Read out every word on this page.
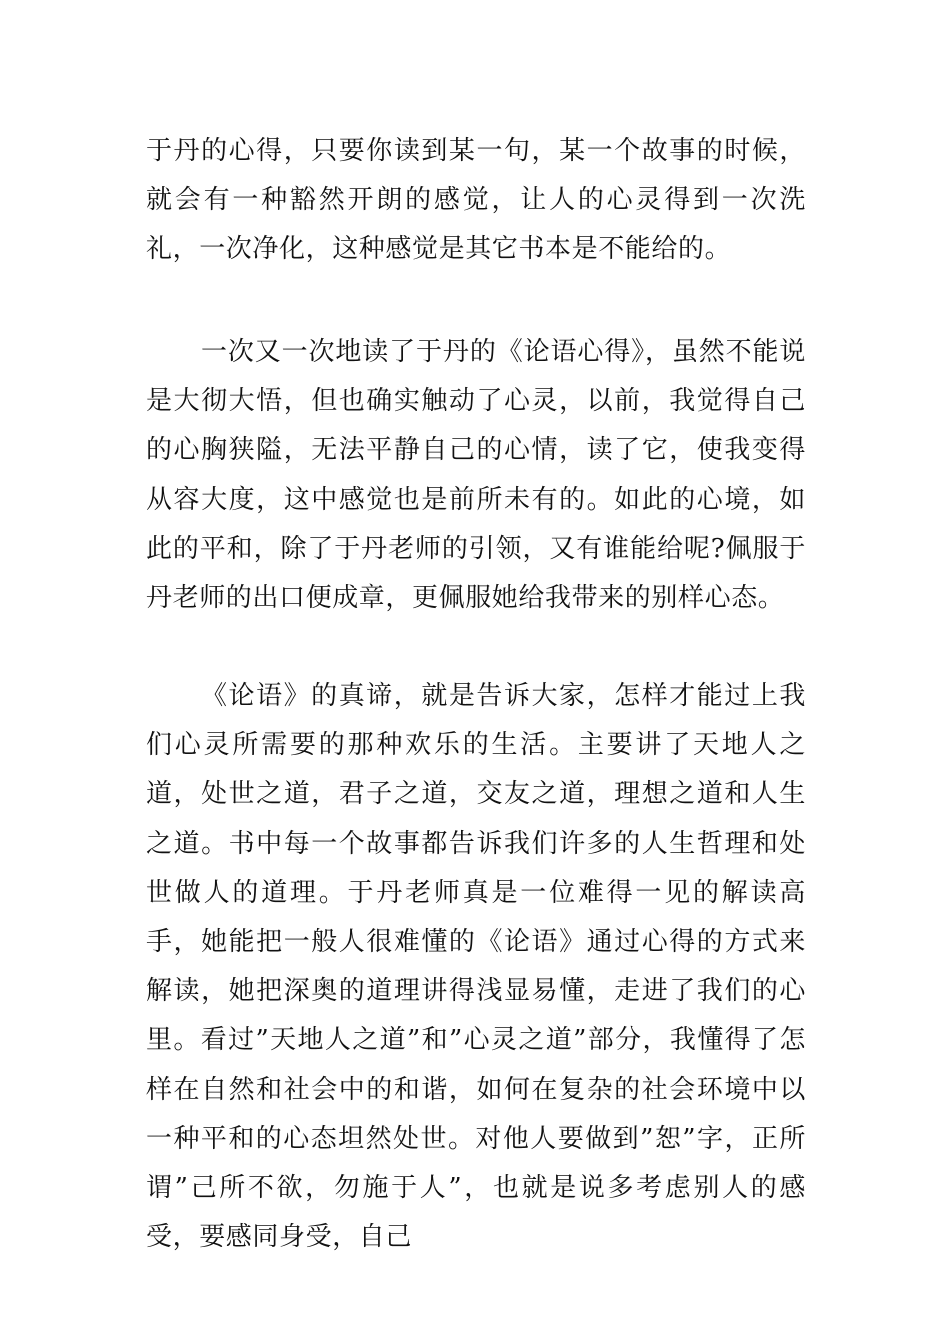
于丹的心得，只要你读到某一句，某一个故事的时候，就会有一种豁然开朗的感觉，让人的心灵得到一次洗礼，一次净化，这种感觉是其它书本是不能给的。

一次又一次地读了于丹的《论语心得》，虽然不能说是大彻大悟，但也确实触动了心灵，以前，我觉得自己的心胸狭隘，无法平静自己的心情，读了它，使我变得从容大度，这中感觉也是前所未有的。如此的心境，如此的平和，除了于丹老师的引领，又有谁能给呢?佩服于丹老师的出口便成章，更佩服她给我带来的别样心态。

《论语》的真谛，就是告诉大家，怎样才能过上我们心灵所需要的那种欢乐的生活。主要讲了天地人之道，处世之道，君子之道，交友之道，理想之道和人生之道。书中每一个故事都告诉我们许多的人生哲理和处世做人的道理。于丹老师真是一位难得一见的解读高手，她能把一般人很难懂的《论语》通过心得的方式来解读，她把深奥的道理讲得浅显易懂，走进了我们的心里。看过”天地人之道”和”心灵之道”部分，我懂得了怎样在自然和社会中的和谐，如何在复杂的社会环境中以一种平和的心态坦然处世。对他人要做到”恕”字，正所谓”己所不欲，勿施于人”，也就是说多考虑别人的感受，要感同身受，自己
